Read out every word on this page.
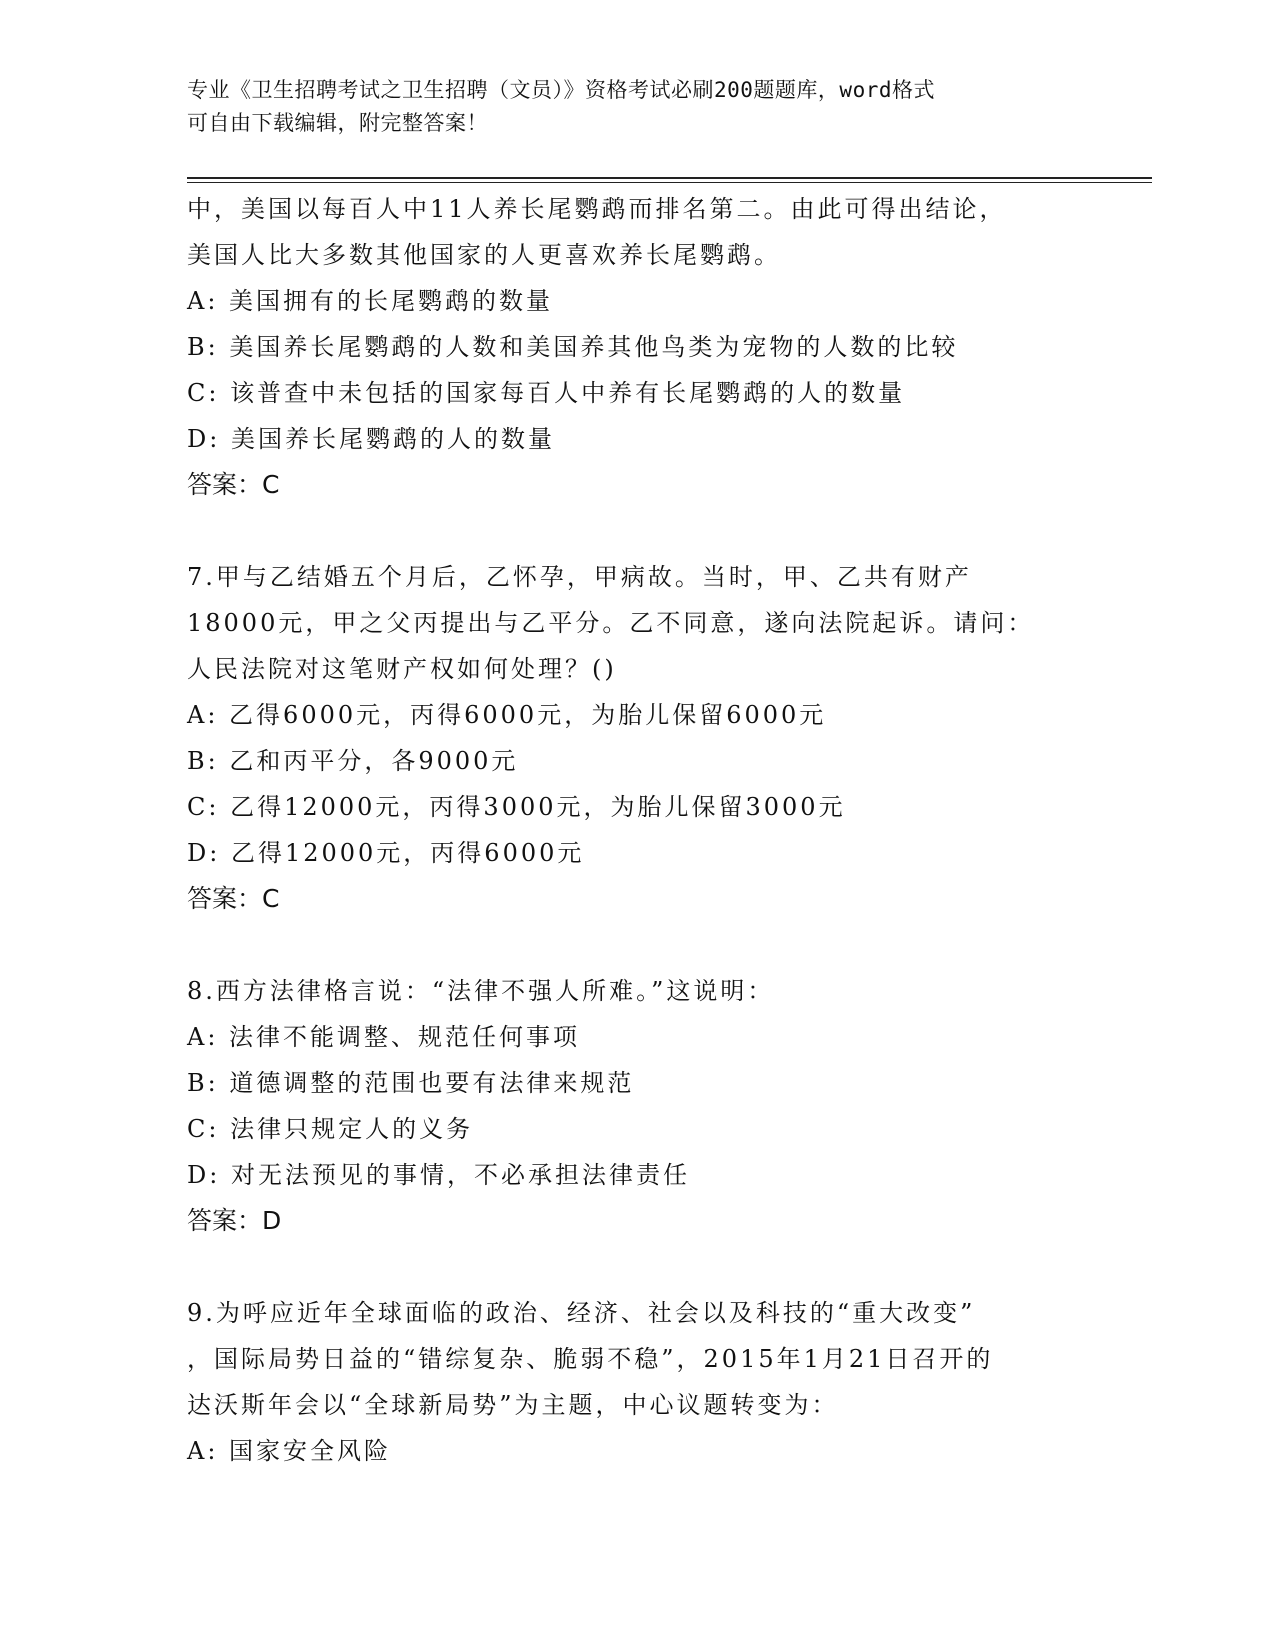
专业《卫生招聘考试之卫生招聘（文员）》资格考试必刷200题题库，word格式
可自由下载编辑，附完整答案！
中，美国以每百人中11人养长尾鹦鹉而排名第二。由此可得出结论，
美国人比大多数其他国家的人更喜欢养长尾鹦鹉。
A: 美国拥有的长尾鹦鹉的数量
B: 美国养长尾鹦鹉的人数和美国养其他鸟类为宠物的人数的比较
C: 该普查中未包括的国家每百人中养有长尾鹦鹉的人的数量
D: 美国养长尾鹦鹉的人的数量
答案：C
7.甲与乙结婚五个月后，乙怀孕，甲病故。当时，甲、乙共有财产
18000元，甲之父丙提出与乙平分。乙不同意，遂向法院起诉。请问：
人民法院对这笔财产权如何处理？()
A: 乙得6000元，丙得6000元，为胎儿保留6000元
B: 乙和丙平分，各9000元
C: 乙得12000元，丙得3000元，为胎儿保留3000元
D: 乙得12000元，丙得6000元
答案：C
8.西方法律格言说：“法律不强人所难。”这说明：
A: 法律不能调整、规范任何事项
B: 道德调整的范围也要有法律来规范
C: 法律只规定人的义务
D: 对无法预见的事情，不必承担法律责任
答案：D
9.为呼应近年全球面临的政治、经济、社会以及科技的“重大改变”
，国际局势日益的“错综复杂、脆弱不稳”，2015年1月21日召开的
达沃斯年会以“全球新局势”为主题，中心议题转变为：
A: 国家安全风险
